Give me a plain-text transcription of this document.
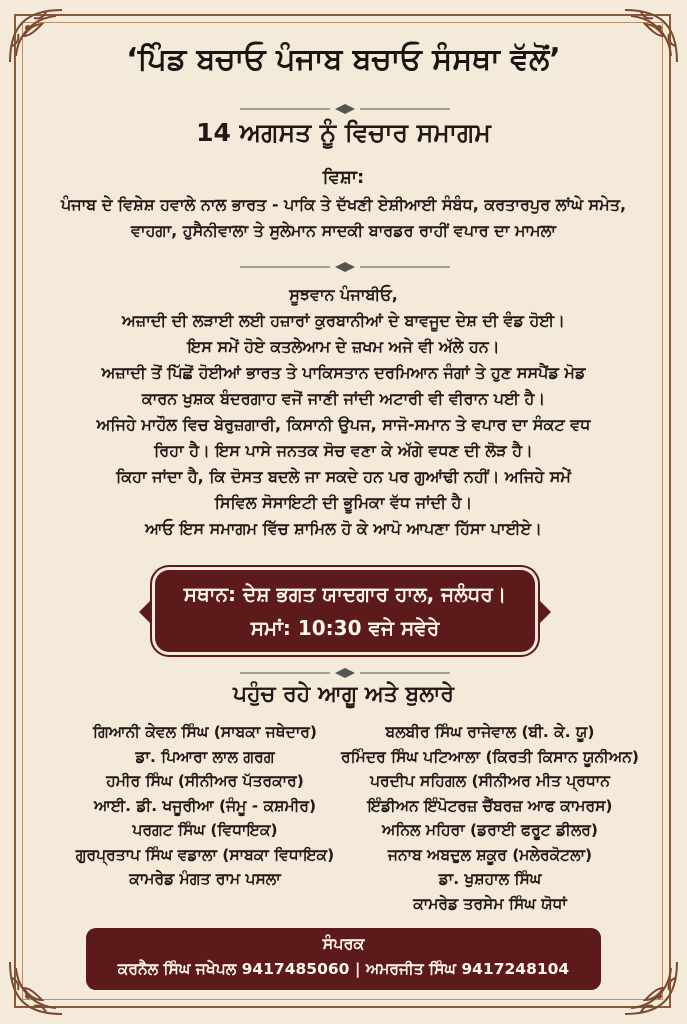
‘ਪਿੰਡ ਬਚਾਓ ਪੰਜਾਬ ਬਚਾਓ ਸੰਸਥਾ ਵੱਲੋਂ’
14 ਅਗਸਤ ਨੂੰ ਵਿਚਾਰ ਸਮਾਗਮ
ਵਿਸ਼ਾ:
ਪੰਜਾਬ ਦੇ ਵਿਸ਼ੇਸ਼ ਹਵਾਲੇ ਨਾਲ ਭਾਰਤ - ਪਾਕਿ ਤੇ ਦੱਖਣੀ ਏਸ਼ੀਆਈ ਸੰਬੰਧ, ਕਰਤਾਰਪੁਰ ਲਾਂਘੇ ਸਮੇਤ,
ਵਾਹਗਾ, ਹੁਸੈਨੀਵਾਲਾ ਤੇ ਸੁਲੇਮਾਨ ਸਾਦਕੀ ਬਾਰਡਰ ਰਾਹੀਂ ਵਪਾਰ ਦਾ ਮਾਮਲਾ
ਸੂਝਵਾਨ ਪੰਜਾਬੀਓ,
ਅਜ਼ਾਦੀ ਦੀ ਲੜਾਈ ਲਈ ਹਜ਼ਾਰਾਂ ਕੁਰਬਾਨੀਆਂ ਦੇ ਬਾਵਜੂਦ ਦੇਸ਼ ਦੀ ਵੰਡ ਹੋਈ।
ਇਸ ਸਮੇਂ ਹੋਏ ਕਤਲੇਆਮ ਦੇ ਜ਼ਖਮ ਅਜੇ ਵੀ ਅੱਲੇ ਹਨ।
ਅਜ਼ਾਦੀ ਤੋਂ ਪਿੱਛੋਂ ਹੋਈਆਂ ਭਾਰਤ ਤੇ ਪਾਕਿਸਤਾਨ ਦਰਮਿਆਨ ਜੰਗਾਂ ਤੇ ਹੁਣ ਸਸਪੈਂਡ ਮੋਡ
ਕਾਰਨ ਖੁਸ਼ਕ ਬੰਦਰਗਾਹ ਵਜੋਂ ਜਾਣੀ ਜਾਂਦੀ ਅਟਾਰੀ ਵੀ ਵੀਰਾਨ ਪਈ ਹੈ।
ਅਜਿਹੇ ਮਾਹੌਲ ਵਿਚ ਬੇਰੁਜ਼ਗਾਰੀ, ਕਿਸਾਨੀ ਉਪਜ, ਸਾਜੋ-ਸਮਾਨ ਤੇ ਵਪਾਰ ਦਾ ਸੰਕਟ ਵਧ
ਰਿਹਾ ਹੈ। ਇਸ ਪਾਸੇ ਜਨਤਕ ਸੋਚ ਵਣਾ ਕੇ ਅੱਗੇ ਵਧਣ ਦੀ ਲੋੜ ਹੈ।
ਕਿਹਾ ਜਾਂਦਾ ਹੈ, ਕਿ ਦੋਸਤ ਬਦਲੇ ਜਾ ਸਕਦੇ ਹਨ ਪਰ ਗੁਆਂਢੀ ਨਹੀਂ। ਅਜਿਹੇ ਸਮੇਂ
ਸਿਵਿਲ ਸੋਸਾਇਟੀ ਦੀ ਭੂਮਿਕਾ ਵੱਧ ਜਾਂਦੀ ਹੈ।
ਆਓ ਇਸ ਸਮਾਗਮ ਵਿੱਚ ਸ਼ਾਮਿਲ ਹੋ ਕੇ ਆਪੋ ਆਪਣਾ ਹਿੱਸਾ ਪਾਈਏ।
ਸਥਾਨ: ਦੇਸ਼ ਭਗਤ ਯਾਦਗਾਰ ਹਾਲ, ਜਲੰਧਰ।
ਸਮਾਂ: 10:30 ਵਜੇ ਸਵੇਰੇ
ਪਹੁੰਚ ਰਹੇ ਆਗੂ ਅਤੇ ਬੁਲਾਰੇ
ਗਿਆਨੀ ਕੇਵਲ ਸਿੰਘ (ਸਾਬਕਾ ਜਥੇਦਾਰ)
ਡਾ. ਪਿਆਰਾ ਲਾਲ ਗਰਗ
ਹਮੀਰ ਸਿੰਘ (ਸੀਨੀਅਰ ਪੱਤਰਕਾਰ)
ਆਈ. ਡੀ. ਖਜੂਰੀਆ (ਜੰਮੂ - ਕਸ਼ਮੀਰ)
ਪਰਗਟ ਸਿੰਘ (ਵਿਧਾਇਕ)
ਗੁਰਪ੍ਰਤਾਪ ਸਿੰਘ ਵਡਾਲਾ (ਸਾਬਕਾ ਵਿਧਾਇਕ)
ਕਾਮਰੇਡ ਮੰਗਤ ਰਾਮ ਪਸਲਾ
ਬਲਬੀਰ ਸਿੰਘ ਰਾਜੇਵਾਲ (ਬੀ. ਕੇ. ਯੂ)
ਰਮਿੰਦਰ ਸਿੰਘ ਪਟਿਆਲਾ (ਕਿਰਤੀ ਕਿਸਾਨ ਯੂਨੀਅਨ)
ਪਰਦੀਪ ਸਹਿਗਲ (ਸੀਨੀਅਰ ਮੀਤ ਪ੍ਰਧਾਨ
ਇੰਡੀਅਨ ਇੰਪੋਟਰਜ਼ ਚੈਂਬਰਜ਼ ਆਫ ਕਾਮਰਸ)
ਅਨਿਲ ਮਹਿਰਾ (ਡਰਾਈ ਫਰੂਟ ਡੀਲਰ)
ਜਨਾਬ ਅਬਦੁਲ ਸ਼ਕੂਰ (ਮਲੇਰਕੋਟਲਾ)
ਡਾ. ਖੁਸ਼ਹਾਲ ਸਿੰਘ
ਕਾਮਰੇਡ ਤਰਸੇਮ ਸਿੰਘ ਯੋਧਾਂ
ਸੰਪਰਕ
ਕਰਨੈਲ ਸਿੰਘ ਜਖੇਪਲ 9417485060 | ਅਮਰਜੀਤ ਸਿੰਘ 9417248104
